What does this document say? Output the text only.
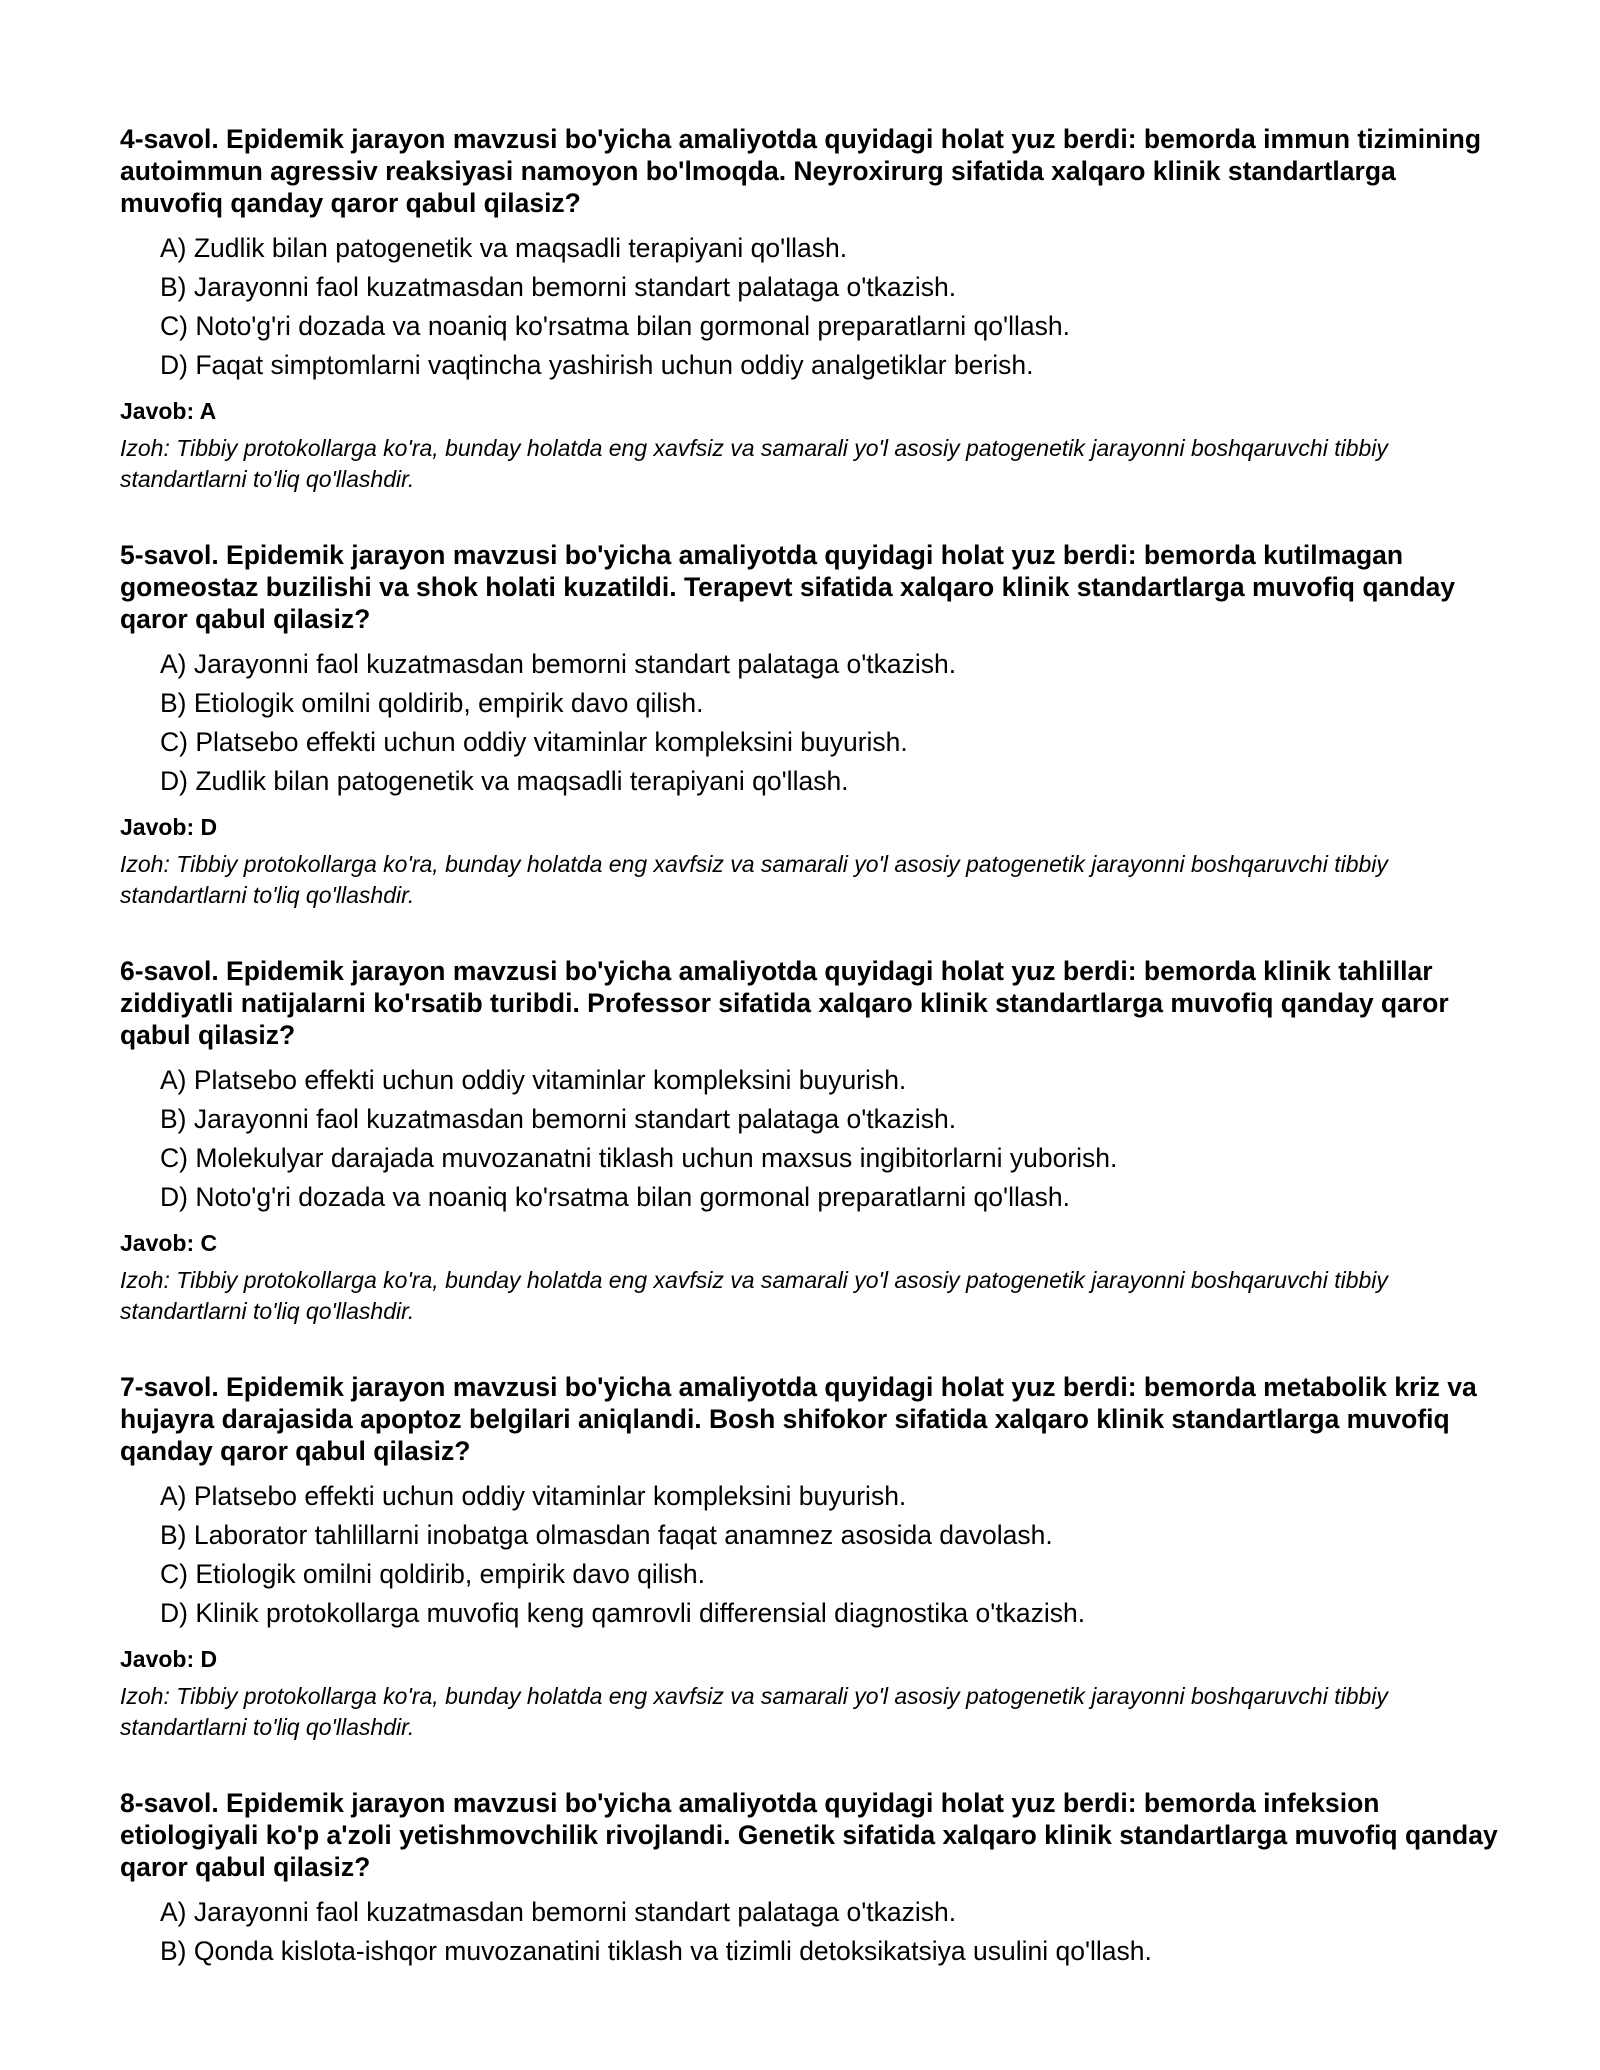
4-savol. Epidemik jarayon mavzusi bo'yicha amaliyotda quyidagi holat yuz berdi: bemorda immun tizimining autoimmun agressiv reaksiyasi namoyon bo'lmoqda. Neyroxirurg sifatida xalqaro klinik standartlarga muvofiq qanday qaror qabul qilasiz?

A) Zudlik bilan patogenetik va maqsadli terapiyani qo'llash.
B) Jarayonni faol kuzatmasdan bemorni standart palataga o'tkazish.
C) Noto'g'ri dozada va noaniq ko'rsatma bilan gormonal preparatlarni qo'llash.
D) Faqat simptomlarni vaqtincha yashirish uchun oddiy analgetiklar berish.

Javob: A

Izoh: Tibbiy protokollarga ko'ra, bunday holatda eng xavfsiz va samarali yo'l asosiy patogenetik jarayonni boshqaruvchi tibbiy standartlarni to'liq qo'llashdir.

5-savol. Epidemik jarayon mavzusi bo'yicha amaliyotda quyidagi holat yuz berdi: bemorda kutilmagan gomeostaz buzilishi va shok holati kuzatildi. Terapevt sifatida xalqaro klinik standartlarga muvofiq qanday qaror qabul qilasiz?

A) Jarayonni faol kuzatmasdan bemorni standart palataga o'tkazish.
B) Etiologik omilni qoldirib, empirik davo qilish.
C) Platsebo effekti uchun oddiy vitaminlar kompleksini buyurish.
D) Zudlik bilan patogenetik va maqsadli terapiyani qo'llash.

Javob: D

Izoh: Tibbiy protokollarga ko'ra, bunday holatda eng xavfsiz va samarali yo'l asosiy patogenetik jarayonni boshqaruvchi tibbiy standartlarni to'liq qo'llashdir.

6-savol. Epidemik jarayon mavzusi bo'yicha amaliyotda quyidagi holat yuz berdi: bemorda klinik tahlillar ziddiyatli natijalarni ko'rsatib turibdi. Professor sifatida xalqaro klinik standartlarga muvofiq qanday qaror qabul qilasiz?

A) Platsebo effekti uchun oddiy vitaminlar kompleksini buyurish.
B) Jarayonni faol kuzatmasdan bemorni standart palataga o'tkazish.
C) Molekulyar darajada muvozanatni tiklash uchun maxsus ingibitorlarni yuborish.
D) Noto'g'ri dozada va noaniq ko'rsatma bilan gormonal preparatlarni qo'llash.

Javob: C

Izoh: Tibbiy protokollarga ko'ra, bunday holatda eng xavfsiz va samarali yo'l asosiy patogenetik jarayonni boshqaruvchi tibbiy standartlarni to'liq qo'llashdir.

7-savol. Epidemik jarayon mavzusi bo'yicha amaliyotda quyidagi holat yuz berdi: bemorda metabolik kriz va hujayra darajasida apoptoz belgilari aniqlandi. Bosh shifokor sifatida xalqaro klinik standartlarga muvofiq qanday qaror qabul qilasiz?

A) Platsebo effekti uchun oddiy vitaminlar kompleksini buyurish.
B) Laborator tahlillarni inobatga olmasdan faqat anamnez asosida davolash.
C) Etiologik omilni qoldirib, empirik davo qilish.
D) Klinik protokollarga muvofiq keng qamrovli differensial diagnostika o'tkazish.

Javob: D

Izoh: Tibbiy protokollarga ko'ra, bunday holatda eng xavfsiz va samarali yo'l asosiy patogenetik jarayonni boshqaruvchi tibbiy standartlarni to'liq qo'llashdir.

8-savol. Epidemik jarayon mavzusi bo'yicha amaliyotda quyidagi holat yuz berdi: bemorda infeksion etiologiyali ko'p a'zoli yetishmovchilik rivojlandi. Genetik sifatida xalqaro klinik standartlarga muvofiq qanday qaror qabul qilasiz?

A) Jarayonni faol kuzatmasdan bemorni standart palataga o'tkazish.
B) Qonda kislota-ishqor muvozanatini tiklash va tizimli detoksikatsiya usulini qo'llash.
